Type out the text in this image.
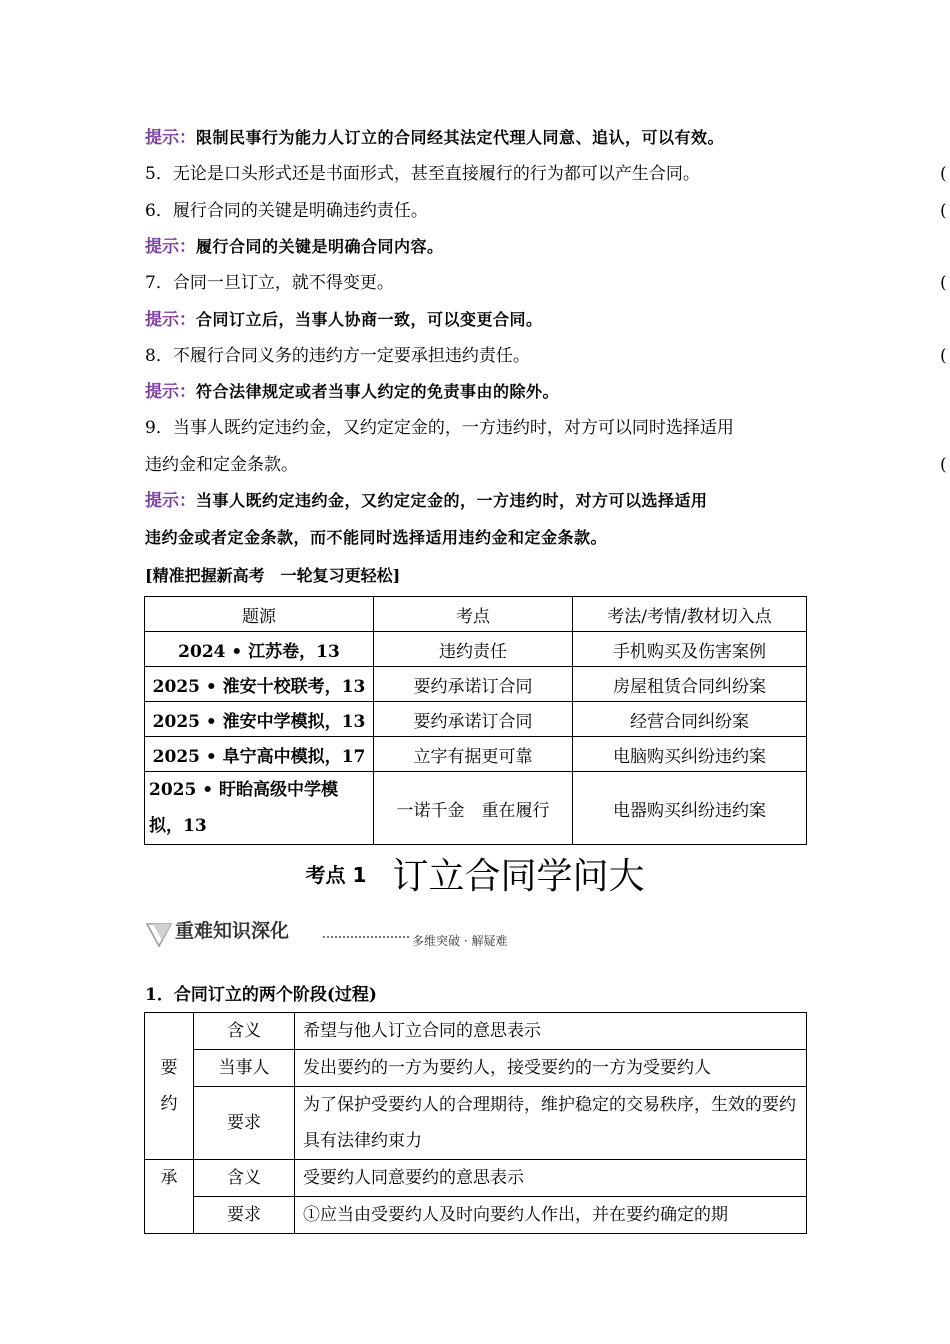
提示：限制民事行为能力人订立的合同经其法定代理人同意、追认，可以有效。
5．无论是口头形式还是书面形式，甚至直接履行的行为都可以产生合同。	(
6．履行合同的关键是明确违约责任。	(
提示：履行合同的关键是明确合同内容。
7．合同一旦订立，就不得变更。	(
提示：合同订立后，当事人协商一致，可以变更合同。
8．不履行合同义务的违约方一定要承担违约责任。	(
提示：符合法律规定或者当事人约定的免责事由的除外。
9．当事人既约定违约金，又约定定金的，一方违约时，对方可以同时选择适用
违约金和定金条款。	(
提示：当事人既约定违约金，又约定定金的，一方违约时，对方可以选择适用
违约金或者定金条款，而不能同时选择适用违约金和定金条款。
[精准把握新高考　一轮复习更轻松]
题源	考点	考法/考情/教材切入点
2024 • 江苏卷，13	违约责任	手机购买及伤害案例
2025 • 淮安十校联考，13	要约承诺订合同	房屋租赁合同纠纷案
2025 • 淮安中学模拟，13	要约承诺订合同	经营合同纠纷案
2025 • 阜宁高中模拟，17	立字有据更可靠	电脑购买纠纷违约案
2025 • 盱眙高级中学模拟，13	一诺千金　重在履行	电器购买纠纷违约案
考点 1 订立合同学问大
重难知识深化	多维突破 · 解疑难
1．合同订立的两个阶段(过程)
要约	含义	希望与他人订立合同的意思表示
	当事人	发出要约的一方为要约人，接受要约的一方为受要约人
	要求	为了保护受要约人的合理期待，维护稳定的交易秩序，生效的要约具有法律约束力

承	含义	受要约人同意要约的意思表示
	要求	①应当由受要约人及时向要约人作出，并在要约确定的期
